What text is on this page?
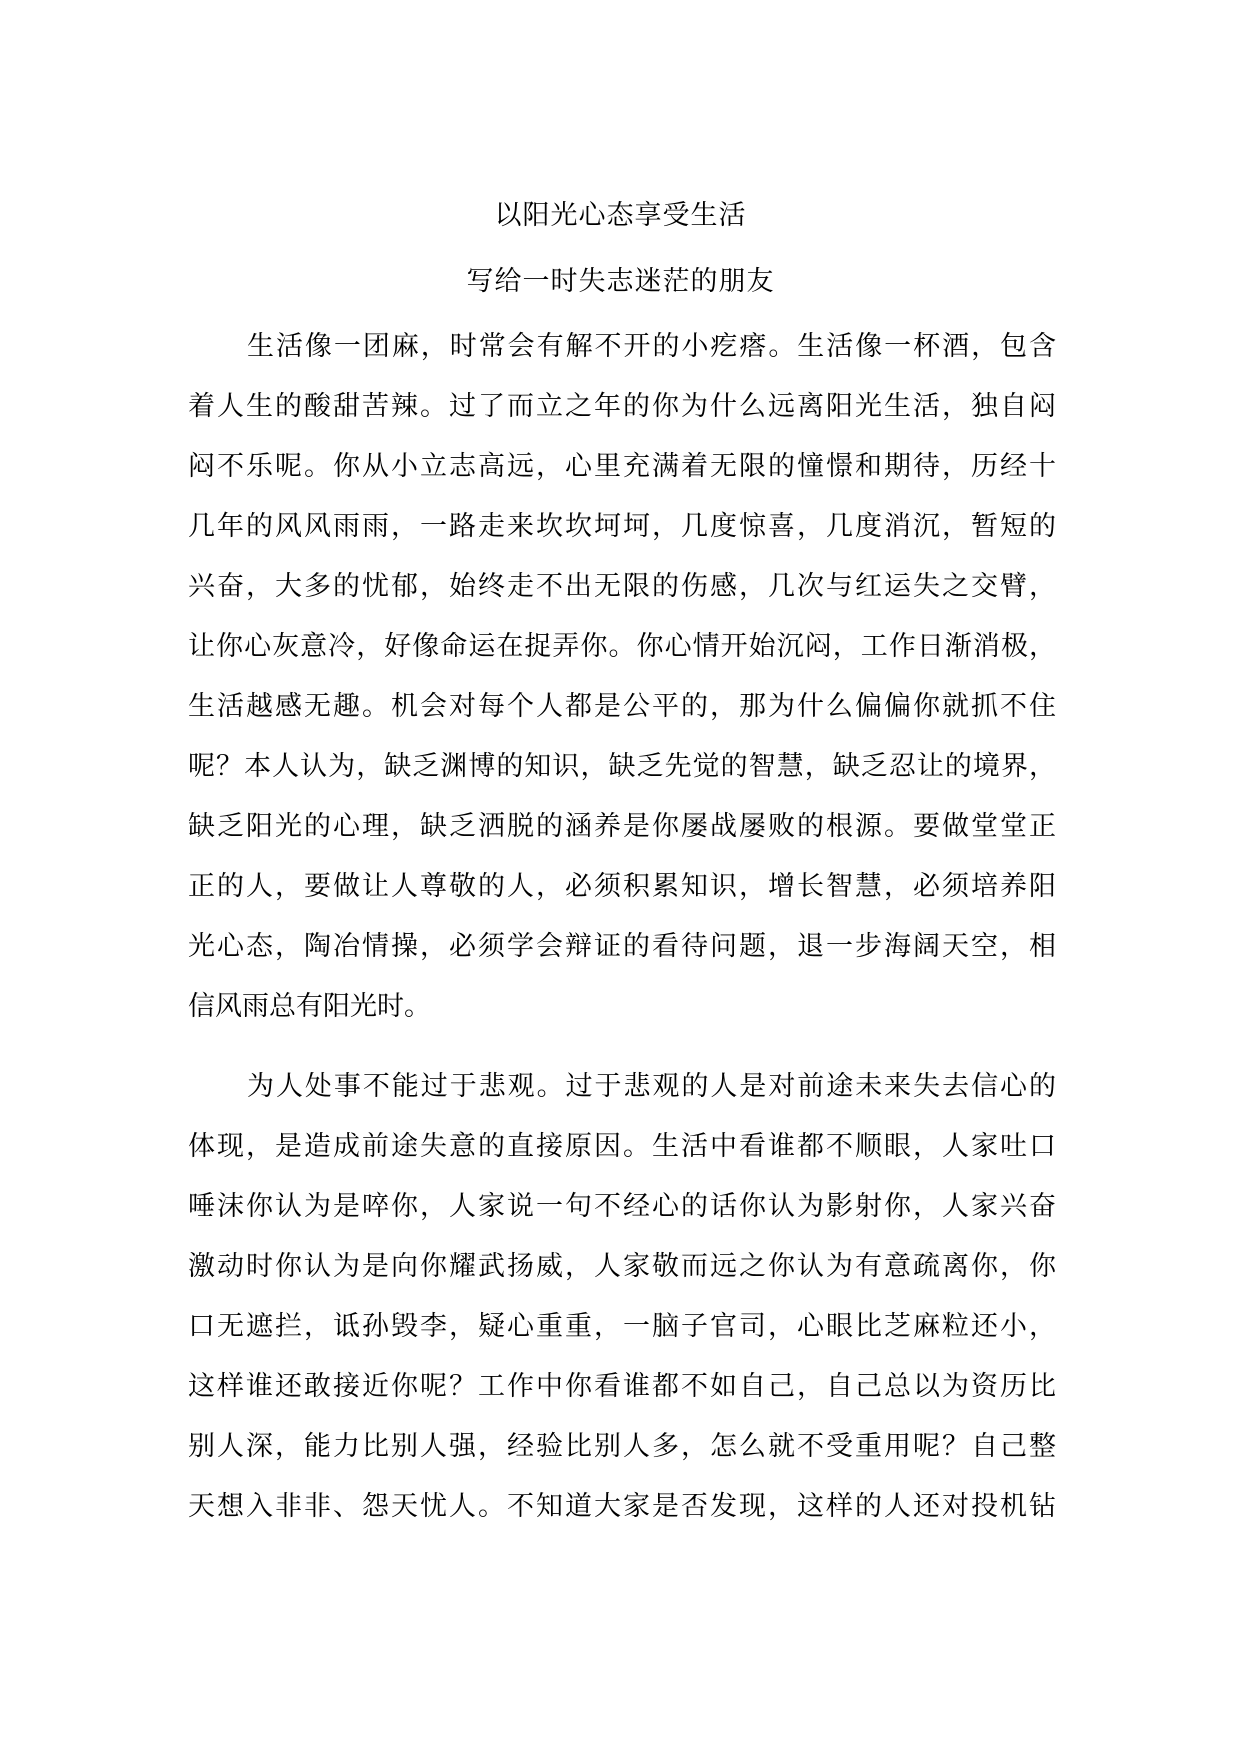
以阳光心态享受生活
写给一时失志迷茫的朋友

生活像一团麻，时常会有解不开的小疙瘩。生活像一杯酒，包含

着人生的酸甜苦辣。过了而立之年的你为什么远离阳光生活，独自闷

闷不乐呢。你从小立志高远，心里充满着无限的憧憬和期待，历经十

几年的风风雨雨，一路走来坎坎坷坷，几度惊喜，几度消沉，暂短的

兴奋，大多的忧郁，始终走不出无限的伤感，几次与红运失之交臂，

让你心灰意冷，好像命运在捉弄你。你心情开始沉闷，工作日渐消极，

生活越感无趣。机会对每个人都是公平的，那为什么偏偏你就抓不住

呢？本人认为，缺乏渊博的知识，缺乏先觉的智慧，缺乏忍让的境界，

缺乏阳光的心理，缺乏洒脱的涵养是你屡战屡败的根源。要做堂堂正

正的人，要做让人尊敬的人，必须积累知识，增长智慧，必须培养阳

光心态，陶冶情操，必须学会辩证的看待问题，退一步海阔天空，相

信风雨总有阳光时。

为人处事不能过于悲观。过于悲观的人是对前途未来失去信心的

体现，是造成前途失意的直接原因。生活中看谁都不顺眼，人家吐口

唾沫你认为是啐你，人家说一句不经心的话你认为影射你，人家兴奋

激动时你认为是向你耀武扬威，人家敬而远之你认为有意疏离你，你

口无遮拦，诋孙毁李，疑心重重，一脑子官司，心眼比芝麻粒还小，

这样谁还敢接近你呢？工作中你看谁都不如自己，自己总以为资历比

别人深，能力比别人强，经验比别人多，怎么就不受重用呢？自己整

天想入非非、怨天忧人。不知道大家是否发现，这样的人还对投机钻
